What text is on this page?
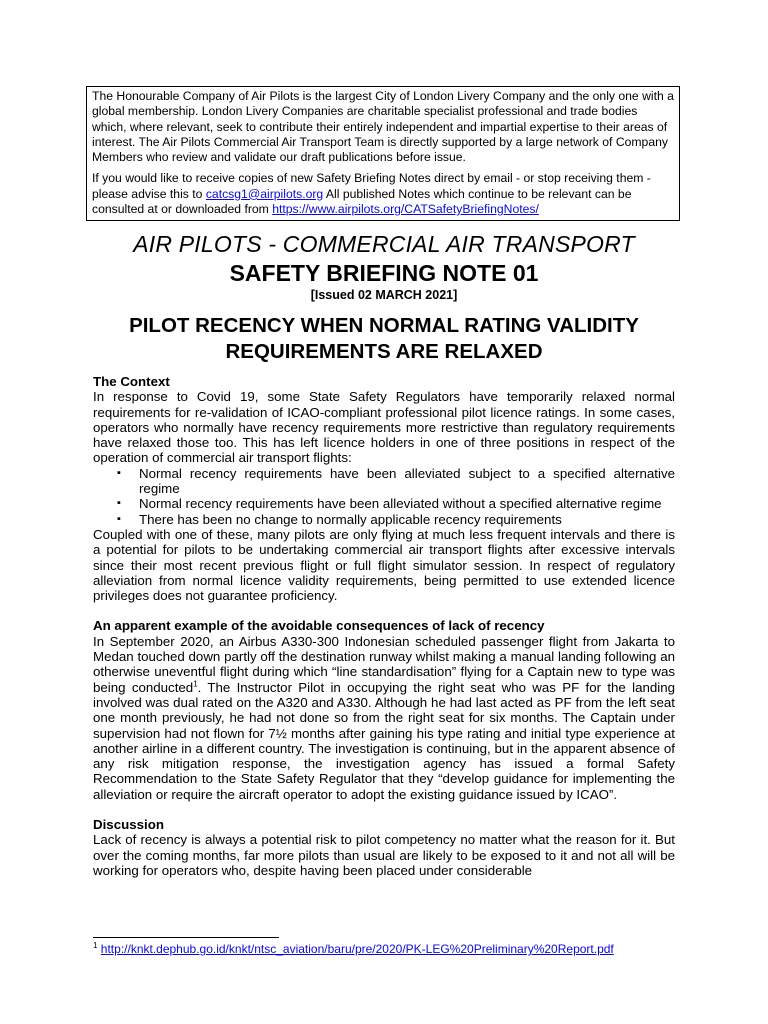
The Honourable Company of Air Pilots is the largest City of London Livery Company and the only one with a global membership. London Livery Companies are charitable specialist professional and trade bodies which, where relevant, seek to contribute their entirely independent and impartial expertise to their areas of interest. The Air Pilots Commercial Air Transport Team is directly supported by a large network of Company Members who review and validate our draft publications before issue.

If you would like to receive copies of new Safety Briefing Notes direct by email - or stop receiving them - please advise this to catcsg1@airpilots.org All published Notes which continue to be relevant can be consulted at or downloaded from https://www.airpilots.org/CATSafetyBriefingNotes/

AIR PILOTS - COMMERCIAL AIR TRANSPORT
SAFETY BRIEFING NOTE 01
[Issued 02 MARCH 2021]
PILOT RECENCY WHEN NORMAL RATING VALIDITY REQUIREMENTS ARE RELAXED
The Context

In response to Covid 19, some State Safety Regulators have temporarily relaxed normal requirements for re-validation of ICAO-compliant professional pilot licence ratings. In some cases, operators who normally have recency requirements more restrictive than regulatory requirements have relaxed those too. This has left licence holders in one of three positions in respect of the operation of commercial air transport flights:

▪ Normal recency requirements have been alleviated subject to a specified alternative regime
▪ Normal recency requirements have been alleviated without a specified alternative regime
▪ There has been no change to normally applicable recency requirements

Coupled with one of these, many pilots are only flying at much less frequent intervals and there is a potential for pilots to be undertaking commercial air transport flights after excessive intervals since their most recent previous flight or full flight simulator session. In respect of regulatory alleviation from normal licence validity requirements, being permitted to use extended licence privileges does not guarantee proficiency.

An apparent example of the avoidable consequences of lack of recency

In September 2020, an Airbus A330-300 Indonesian scheduled passenger flight from Jakarta to Medan touched down partly off the destination runway whilst making a manual landing following an otherwise uneventful flight during which “line standardisation” flying for a Captain new to type was being conducted$^1$. The Instructor Pilot in occupying the right seat who was PF for the landing involved was dual rated on the A320 and A330. Although he had last acted as PF from the left seat one month previously, he had not done so from the right seat for six months. The Captain under supervision had not flown for 7½ months after gaining his type rating and initial type experience at another airline in a different country. The investigation is continuing, but in the apparent absence of any risk mitigation response, the investigation agency has issued a formal Safety Recommendation to the State Safety Regulator that they “develop guidance for implementing the alleviation or require the aircraft operator to adopt the existing guidance issued by ICAO”.

Discussion

Lack of recency is always a potential risk to pilot competency no matter what the reason for it. But over the coming months, far more pilots than usual are likely to be exposed to it and not all will be working for operators who, despite having been placed under considerable

$^1$ http://knkt.dephub.go.id/knkt/ntsc_aviation/baru/pre/2020/PK-LEG%20Preliminary%20Report.pdf
